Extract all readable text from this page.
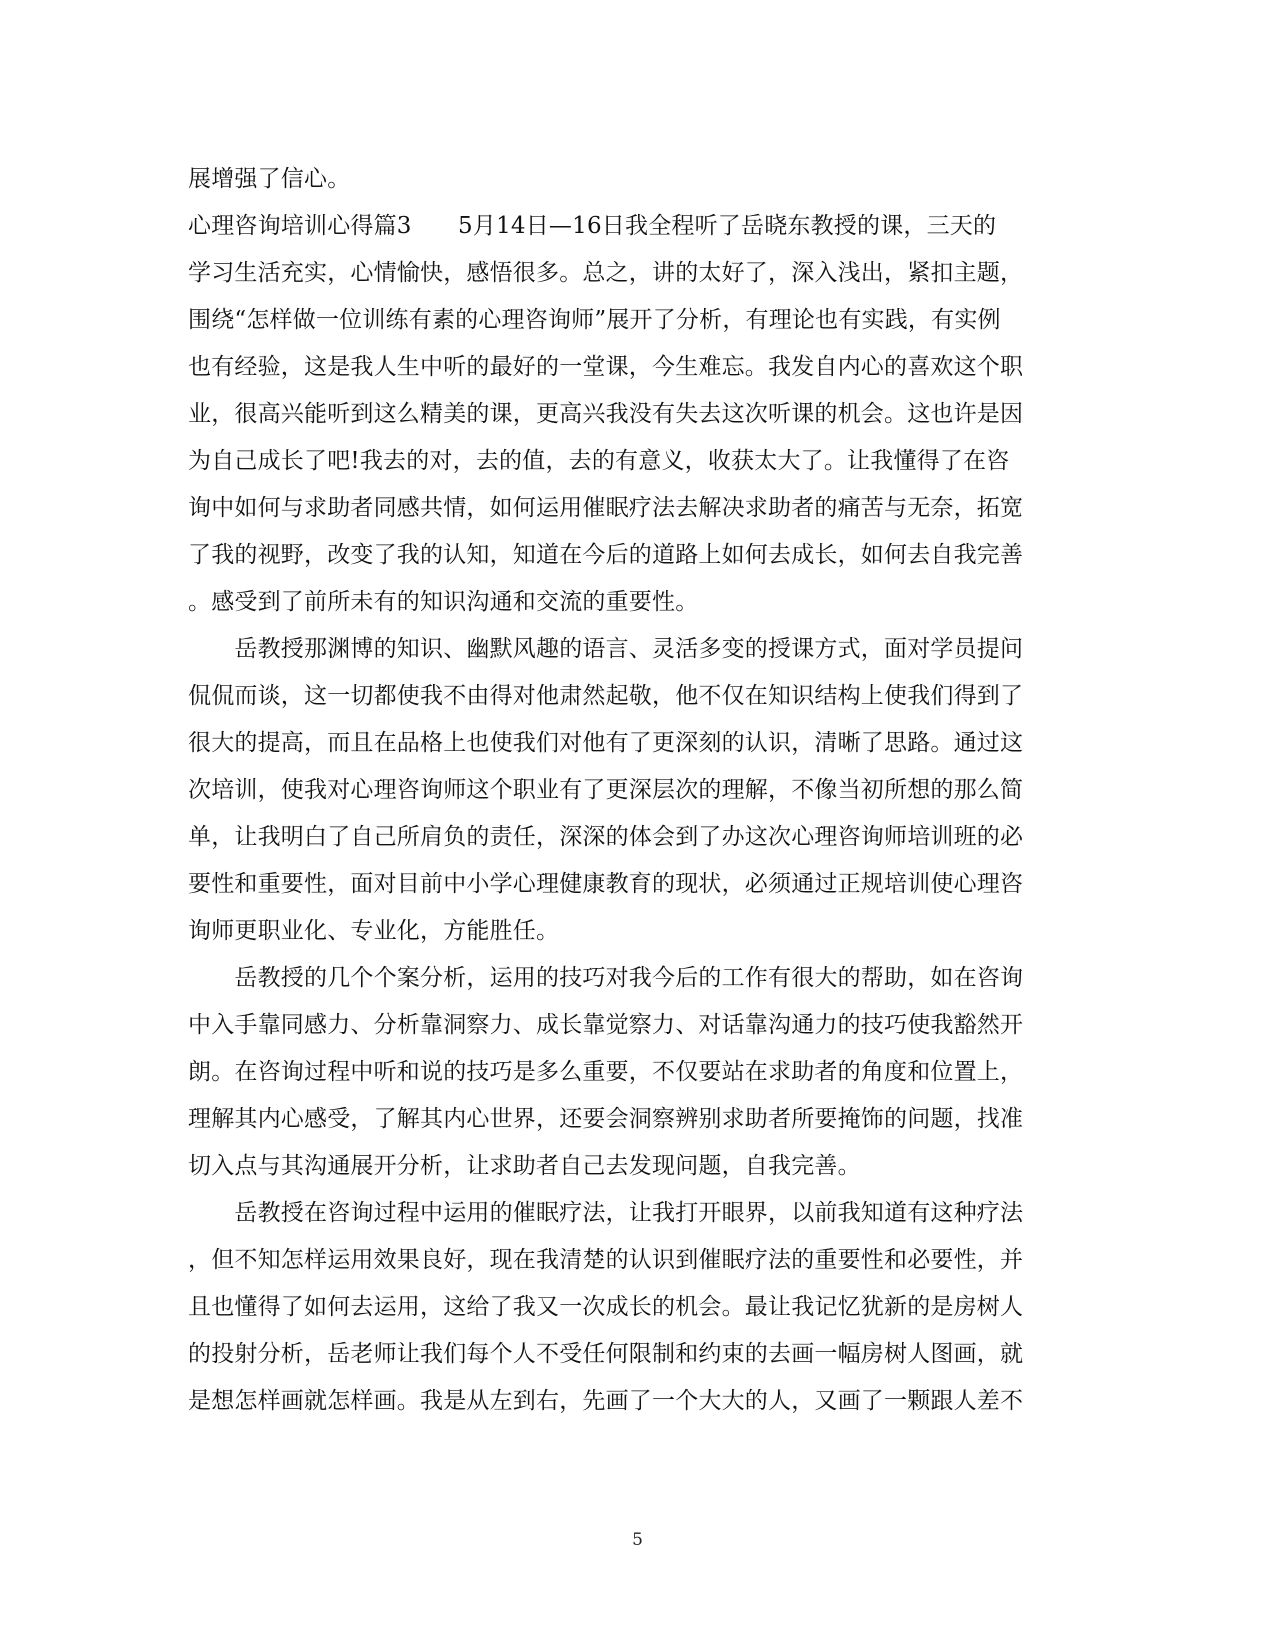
展增强了信心。
心理咨询培训心得篇3　　5月14日—16日我全程听了岳晓东教授的课，三天的
学习生活充实，心情愉快，感悟很多。总之，讲的太好了，深入浅出，紧扣主题，
围绕“怎样做一位训练有素的心理咨询师”展开了分析，有理论也有实践，有实例
也有经验，这是我人生中听的最好的一堂课，今生难忘。我发自内心的喜欢这个职
业，很高兴能听到这么精美的课，更高兴我没有失去这次听课的机会。这也许是因
为自己成长了吧!我去的对，去的值，去的有意义，收获太大了。让我懂得了在咨
询中如何与求助者同感共情，如何运用催眠疗法去解决求助者的痛苦与无奈，拓宽
了我的视野，改变了我的认知，知道在今后的道路上如何去成长，如何去自我完善
。感受到了前所未有的知识沟通和交流的重要性。
　　岳教授那渊博的知识、幽默风趣的语言、灵活多变的授课方式，面对学员提问
侃侃而谈，这一切都使我不由得对他肃然起敬，他不仅在知识结构上使我们得到了
很大的提高，而且在品格上也使我们对他有了更深刻的认识，清晰了思路。通过这
次培训，使我对心理咨询师这个职业有了更深层次的理解，不像当初所想的那么简
单，让我明白了自己所肩负的责任，深深的体会到了办这次心理咨询师培训班的必
要性和重要性，面对目前中小学心理健康教育的现状，必须通过正规培训使心理咨
询师更职业化、专业化，方能胜任。
　　岳教授的几个个案分析，运用的技巧对我今后的工作有很大的帮助，如在咨询
中入手靠同感力、分析靠洞察力、成长靠觉察力、对话靠沟通力的技巧使我豁然开
朗。在咨询过程中听和说的技巧是多么重要，不仅要站在求助者的角度和位置上，
理解其内心感受，了解其内心世界，还要会洞察辨别求助者所要掩饰的问题，找准
切入点与其沟通展开分析，让求助者自己去发现问题，自我完善。
　　岳教授在咨询过程中运用的催眠疗法，让我打开眼界，以前我知道有这种疗法
，但不知怎样运用效果良好，现在我清楚的认识到催眠疗法的重要性和必要性，并
且也懂得了如何去运用，这给了我又一次成长的机会。最让我记忆犹新的是房树人
的投射分析，岳老师让我们每个人不受任何限制和约束的去画一幅房树人图画，就
是想怎样画就怎样画。我是从左到右，先画了一个大大的人，又画了一颗跟人差不
5
